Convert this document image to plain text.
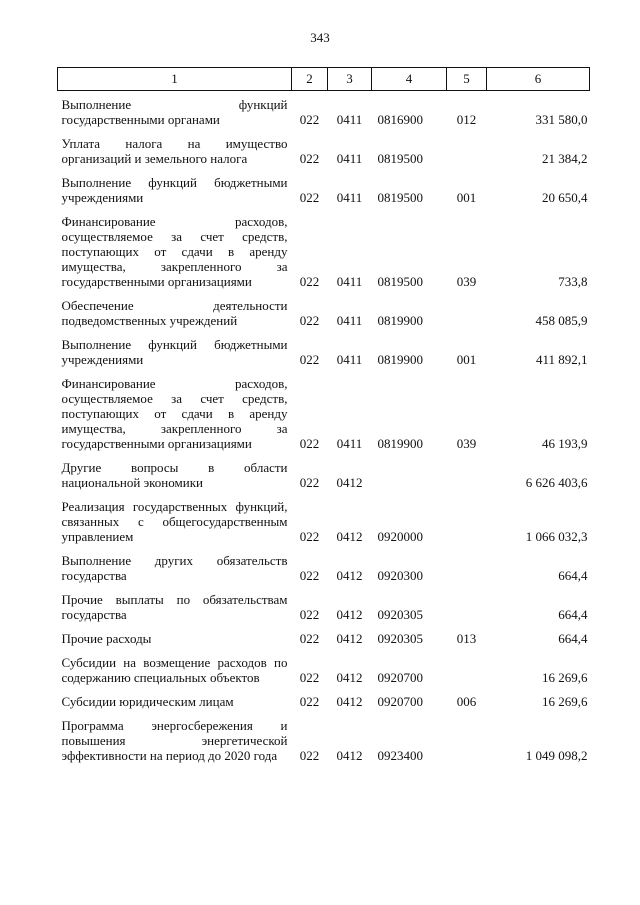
343
1	2	3	4	5	6
Выполнение функций государственными органами	022	0411	0816900	012	331 580,0
Уплата налога на имущество организаций и земельного налога	022	0411	0819500		21 384,2
Выполнение функций бюджетными учреждениями	022	0411	0819500	001	20 650,4
Финансирование расходов, осуществляемое за счет средств, поступающих от сдачи в аренду имущества, закрепленного за государственными организациями	022	0411	0819500	039	733,8
Обеспечение деятельности подведомственных учреждений	022	0411	0819900		458 085,9
Выполнение функций бюджетными учреждениями	022	0411	0819900	001	411 892,1
Финансирование расходов, осуществляемое за счет средств, поступающих от сдачи в аренду имущества, закрепленного за государственными организациями	022	0411	0819900	039	46 193,9
Другие вопросы в области национальной экономики	022	0412			6 626 403,6
Реализация государственных функций, связанных с общегосударственным управлением	022	0412	0920000		1 066 032,3
Выполнение других обязательств государства	022	0412	0920300		664,4
Прочие выплаты по обязательствам государства	022	0412	0920305		664,4
Прочие расходы	022	0412	0920305	013	664,4
Субсидии на возмещение расходов по содержанию специальных объектов	022	0412	0920700		16 269,6
Субсидии юридическим лицам	022	0412	0920700	006	16 269,6
Программа энергосбережения и повышения энергетической эффективности на период до 2020 года	022	0412	0923400		1 049 098,2
